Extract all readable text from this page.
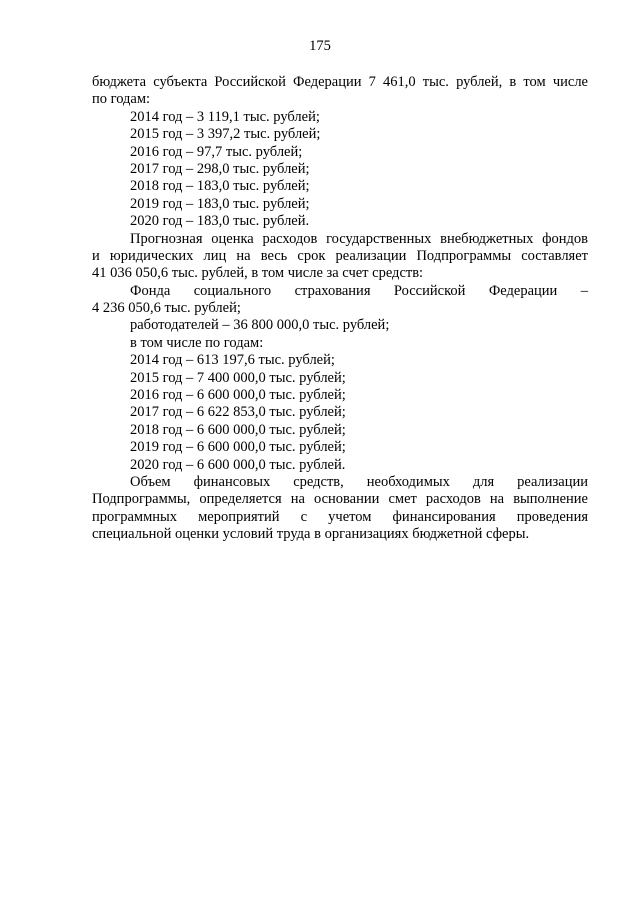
175
бюджета субъекта Российской Федерации 7 461,0 тыс. рублей, в том числе
по годам:
2014 год – 3 119,1 тыс. рублей;
2015 год – 3 397,2 тыс. рублей;
2016 год – 97,7 тыс. рублей;
2017 год – 298,0 тыс. рублей;
2018 год – 183,0 тыс. рублей;
2019 год – 183,0 тыс. рублей;
2020 год – 183,0 тыс. рублей.
Прогнозная оценка расходов государственных внебюджетных фондов
и юридических лиц на весь срок реализации Подпрограммы составляет
41 036 050,6 тыс. рублей, в том числе за счет средств:
Фонда социального страхования Российской Федерации –
4 236 050,6 тыс. рублей;
работодателей – 36 800 000,0 тыс. рублей;
в том числе по годам:
2014 год – 613 197,6 тыс. рублей;
2015 год – 7 400 000,0 тыс. рублей;
2016 год – 6 600 000,0 тыс. рублей;
2017 год – 6 622 853,0 тыс. рублей;
2018 год – 6 600 000,0 тыс. рублей;
2019 год – 6 600 000,0 тыс. рублей;
2020 год – 6 600 000,0 тыс. рублей.
Объем финансовых средств, необходимых для реализации
Подпрограммы, определяется на основании смет расходов на выполнение
программных мероприятий с учетом финансирования проведения
специальной оценки условий труда в организациях бюджетной сферы.
